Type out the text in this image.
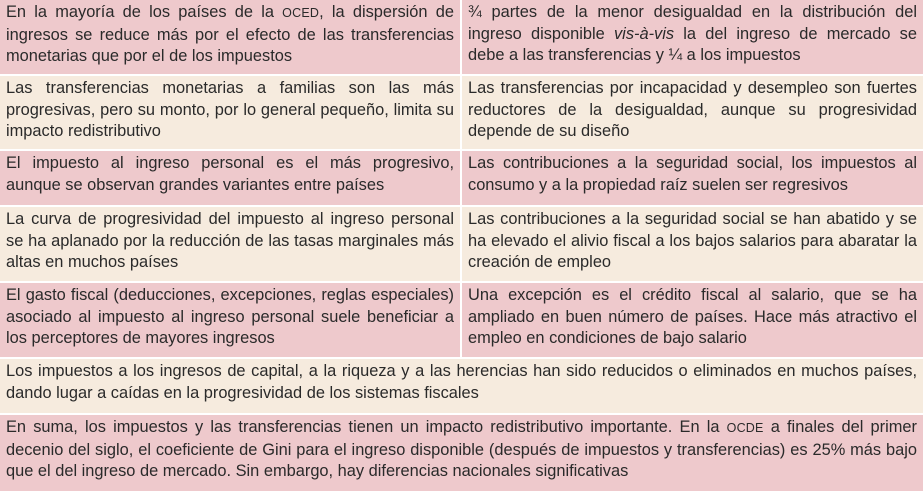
En la mayoría de los países de la OCED, la dispersión de ingresos se reduce más por el efecto de las transferencias monetarias que por el de los impuestos
¾ partes de la menor desigualdad en la distribución del ingreso disponible vis-à-vis la del ingreso de mercado se debe a las transferencias y ¼ a los impuestos
Las transferencias monetarias a familias son las más progresivas, pero su monto, por lo general pequeño, limita su impacto redistributivo
Las transferencias por incapacidad y desempleo son fuertes reductores de la desigualdad, aunque su progresividad depende de su diseño
El impuesto al ingreso personal es el más progresivo, aunque se observan grandes variantes entre países
Las contribuciones a la seguridad social, los impuestos al consumo y a la propiedad raíz suelen ser regresivos
La curva de progresividad del impuesto al ingreso personal se ha aplanado por la reducción de las tasas marginales más altas en muchos países
Las contribuciones a la seguridad social se han abatido y se ha elevado el alivio fiscal a los bajos salarios para abaratar la creación de empleo
El gasto fiscal (deducciones, excepciones, reglas especiales) asociado al impuesto al ingreso personal suele beneficiar a los perceptores de mayores ingresos
Una excepción es el crédito fiscal al salario, que se ha ampliado en buen número de países. Hace más atractivo el empleo en condiciones de bajo salario
Los impuestos a los ingresos de capital, a la riqueza y a las herencias han sido reducidos o eliminados en muchos países, dando lugar a caídas en la progresividad de los sistemas fiscales
En suma, los impuestos y las transferencias tienen un impacto redistributivo importante. En la OCDE a finales del primer decenio del siglo, el coeficiente de Gini para el ingreso disponible (después de impuestos y transferencias) es 25% más bajo que el del ingreso de mercado. Sin embargo, hay diferencias nacionales significativas
